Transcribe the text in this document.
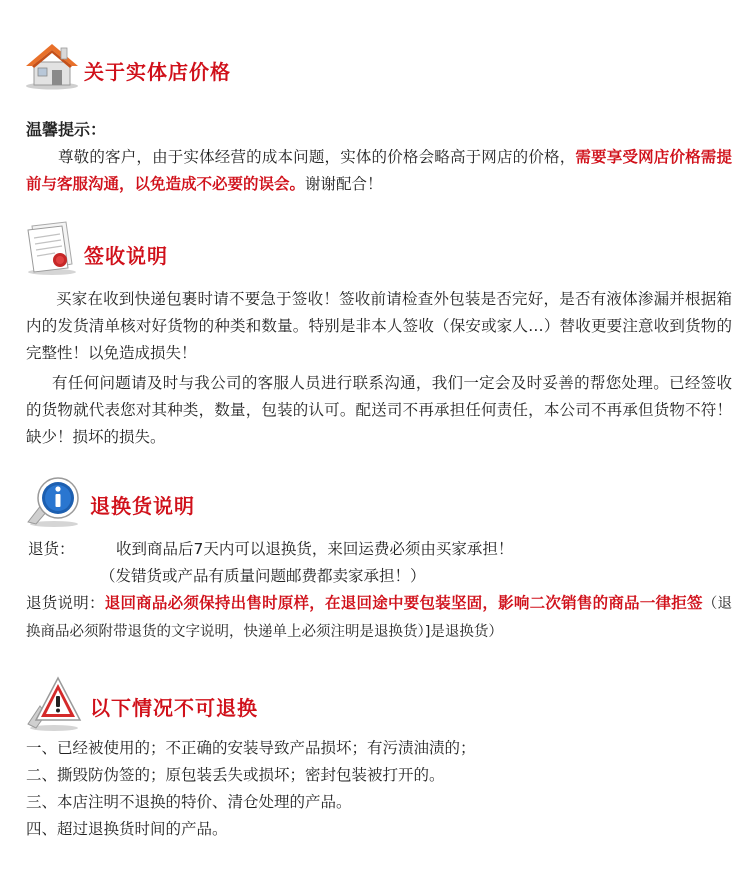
关于实体店价格
温馨提示：
尊敬的客户，由于实体经营的成本问题，实体的价格会略高于网店的价格，需要享受网店价格需提前与客服沟通，以免造成不必要的误会。谢谢配合！
签收说明
买家在收到快递包裹时请不要急于签收！签收前请检查外包装是否完好，是否有液体渗漏并根据箱内的发货清单核对好货物的种类和数量。特别是非本人签收（保安或家人…）替收更要注意收到货物的完整性！以免造成损失！
有任何问题请及时与我公司的客服人员进行联系沟通，我们一定会及时妥善的帮您处理。已经签收的货物就代表您对其种类，数量，包装的认可。配送司不再承担任何责任，本公司不再承但货物不符！缺少！损坏的损失。
退换货说明
退货：	收到商品后7天内可以退换货，来回运费必须由买家承担！
（发错货或产品有质量问题邮费都卖家承担！）
退货说明：退回商品必须保持出售时原样，在退回途中要包装坚固，影响二次销售的商品一律拒签（退换商品必须附带退货的文字说明，快递单上必须注明是退换货）]是退换货）
以下情况不可退换
一、已经被使用的；不正确的安装导致产品损坏；有污渍油渍的；
二、撕毁防伪签的；原包装丢失或损坏；密封包装被打开的。
三、本店注明不退换的特价、清仓处理的产品。
四、超过退换货时间的产品。
